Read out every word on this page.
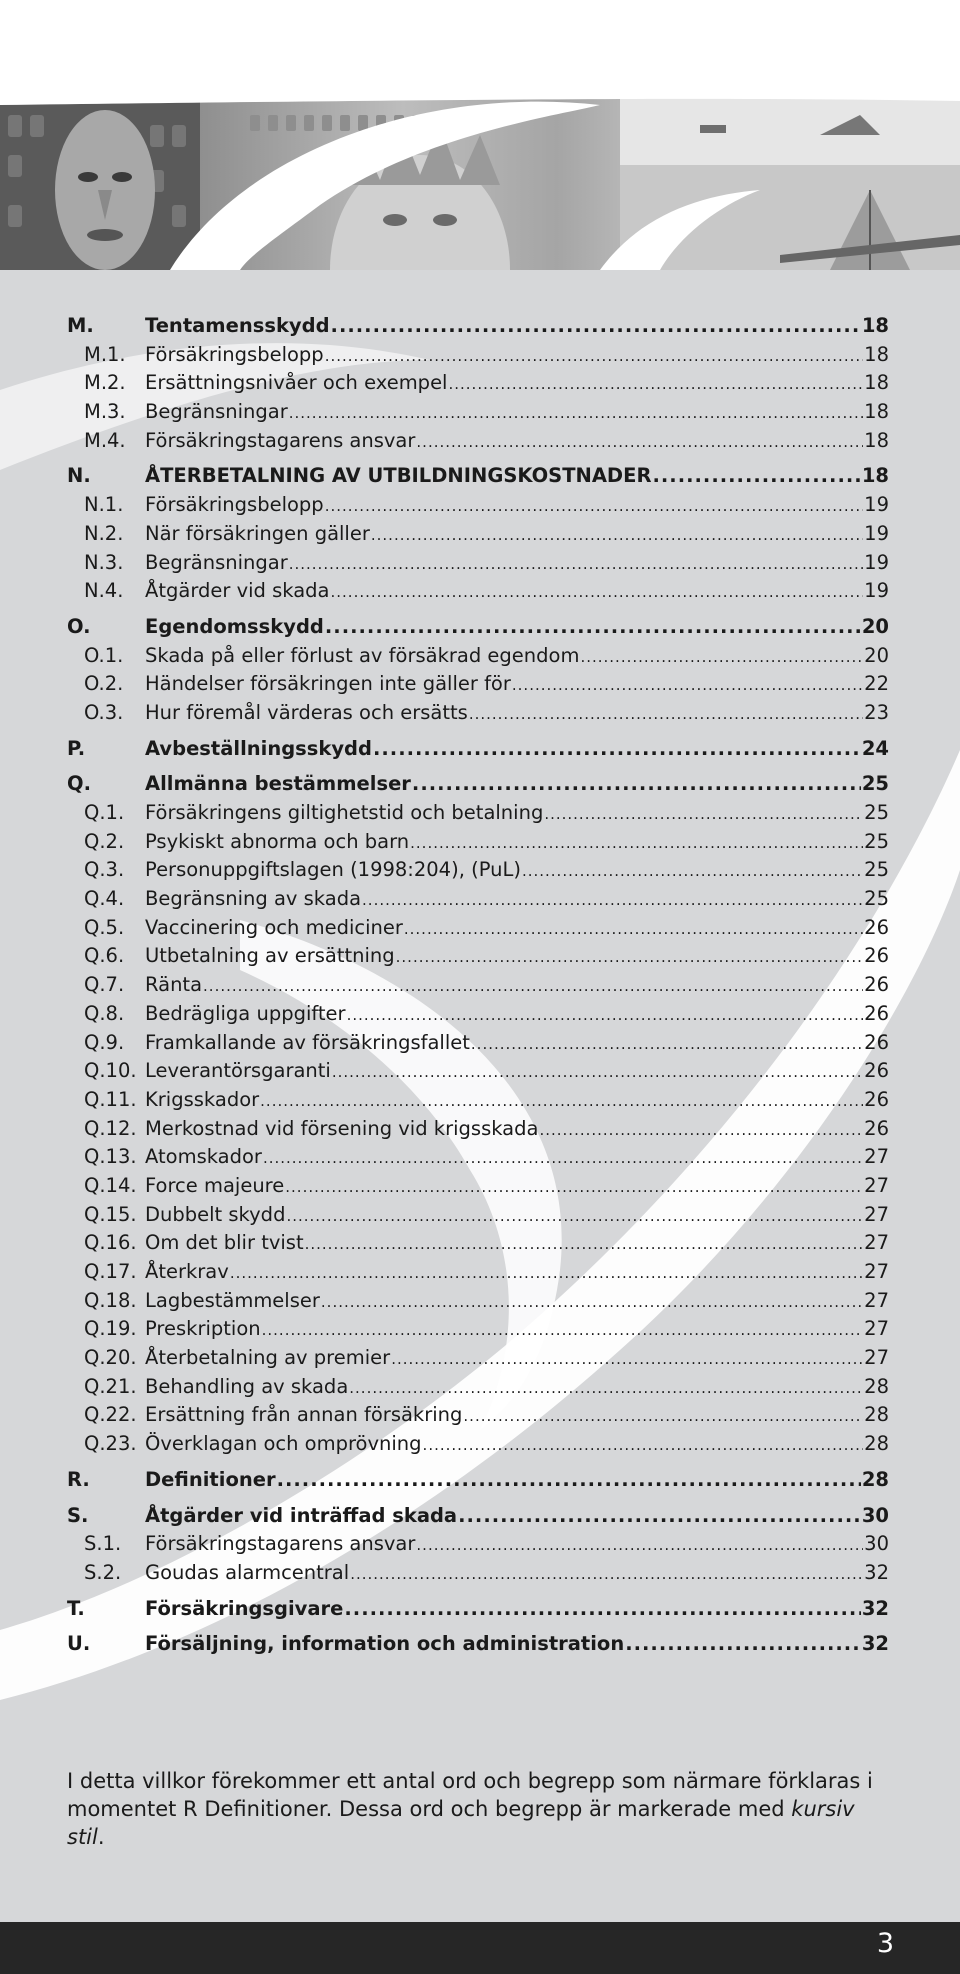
M.	Tentamensskydd .....	18
M.1. Försäkringsbelopp .....	18
M.2. Ersättningsnivåer och exempel .....	18
M.3. Begränsningar .....	18
M.4. Försäkringstagarens ansvar .....	18
N.	ÅTERBETALNING AV UTBILDNINGSKOSTNADER .....	18
N.1.	Försäkringsbelopp .....	19
N.2.	När försäkringen gäller .....	19
N.3.	Begränsningar .....	19
N.4.	Åtgärder vid skada .....	19
O.	Egendomsskydd .....	20
O.1.	Skada på eller förlust av försäkrad egendom .....	20
O.2.	Händelser försäkringen inte gäller för .....	22
O.3.	Hur föremål värderas och ersätts .....	23
P.	Avbeställningsskydd .....	24
Q.	Allmänna bestämmelser .....	25
Q.1.	Försäkringens giltighetstid och betalning .....	25
Q.2.	Psykiskt abnorma och barn .....	25
Q.3.	Personuppgiftslagen (1998:204), (PuL) .....	25
Q.4.	Begränsning av skada .....	25
Q.5.	Vaccinering och mediciner .....	26
Q.6.	Utbetalning av ersättning .....	26
Q.7.	Ränta .....	26
Q.8.	Bedrägliga uppgifter .....	26
Q.9.	Framkallande av försäkringsfallet .....	26
Q.10. Leverantörsgaranti .....	26
Q.11. Krigsskador .....	26
Q.12. Merkostnad vid försening vid krigsskada .....	26
Q.13. Atomskador .....	27
Q.14. Force majeure .....	27
Q.15. Dubbelt skydd .....	27
Q.16. Om det blir tvist .....	27
Q.17. Återkrav .....	27
Q.18. Lagbestämmelser .....	27
Q.19. Preskription .....	27
Q.20. Återbetalning av premier .....	27
Q.21. Behandling av skada .....	28
Q.22. Ersättning från annan försäkring .....	28
Q.23. Överklagan och omprövning .....	28
R.	Definitioner .....	28
S.	Åtgärder vid inträffad skada .....	30
S.1.	Försäkringstagarens ansvar .....	30
S.2.	Goudas alarmcentral .....	32
T.	Försäkringsgivare .....	32
U.	Försäljning, information och administration .....	32
I detta villkor förekommer ett antal ord och begrepp som närmare förklaras i momentet R Definitioner. Dessa ord och begrepp är markerade med kursiv stil.
3
